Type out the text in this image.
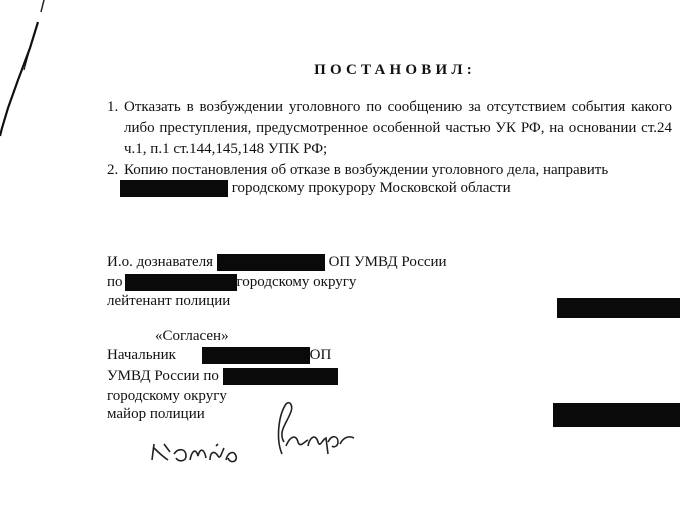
ПОСТАНОВИЛ:
1. Отказать в возбуждении уголовного по сообщению за отсутствием события какого либо преступления, предусмотренное особенной частью УК РФ, на основании ст.24 ч.1, п.1 ст.144,145,148 УПК РФ;
2. Копию постановления об отказе в возбуждении уголовного дела, направить
городскому прокурору Московской области
И.о. дознавателя	ОП УМВД России
по	городскому округу
лейтенант полиции
«Согласен»
Начальник	ОП
УМВД России по
городскому округу
майор полиции
